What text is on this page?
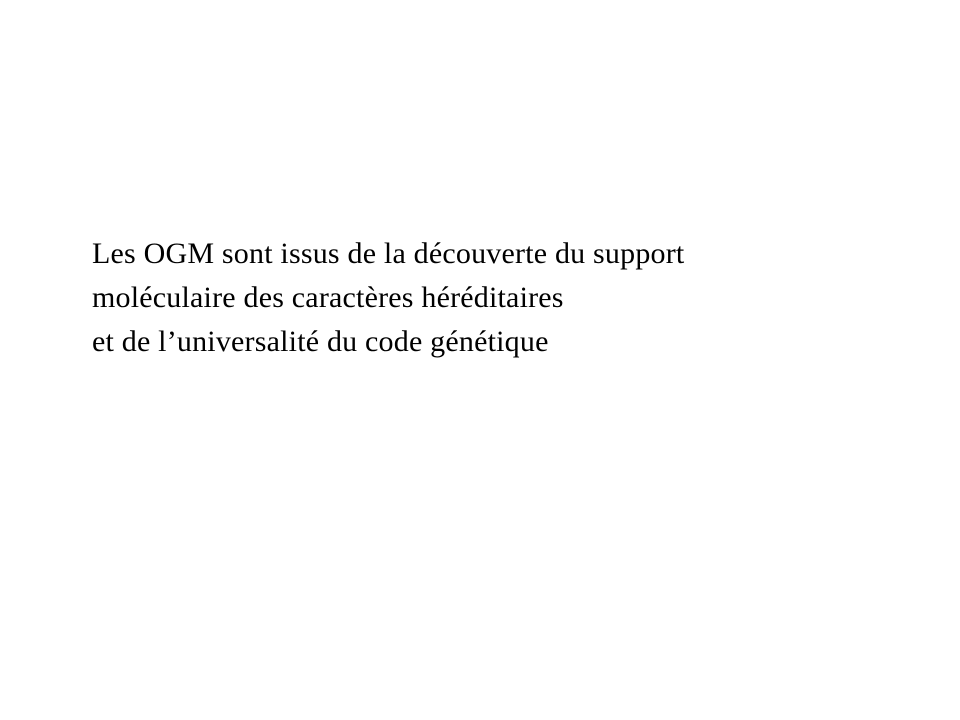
Les OGM sont issus de la découverte du support
moléculaire des caractères héréditaires
et de l’universalité du code génétique
